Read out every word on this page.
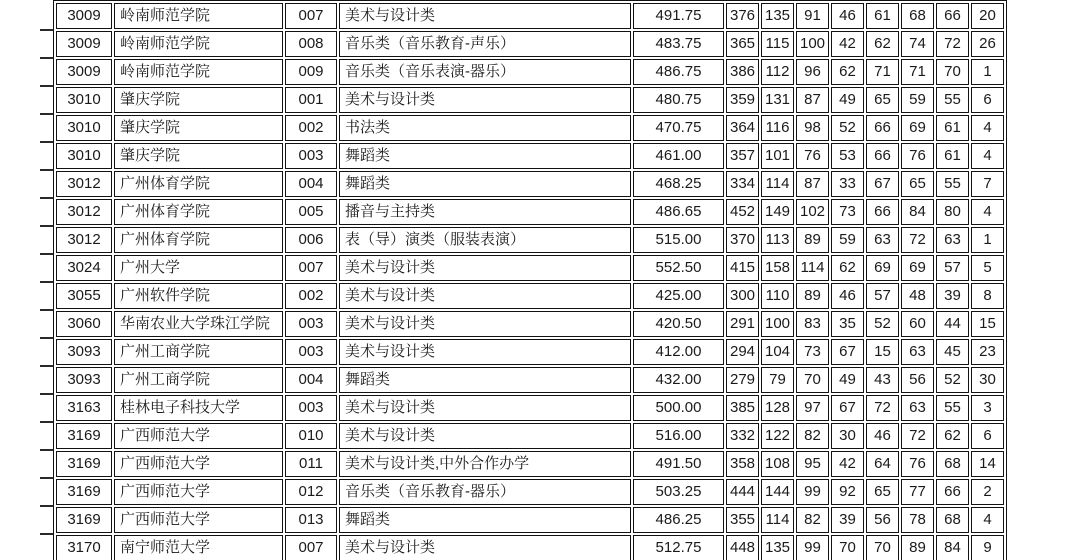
3009	岭南师范学院	007	美术与设计类	491.75	376	135	91	46	61	68	66	20
3009	岭南师范学院	008	音乐类（音乐教育-声乐）	483.75	365	115	100	42	62	74	72	26
3009	岭南师范学院	009	音乐类（音乐表演-器乐）	486.75	386	112	96	62	71	71	70	1
3010	肇庆学院	001	美术与设计类	480.75	359	131	87	49	65	59	55	6
3010	肇庆学院	002	书法类	470.75	364	116	98	52	66	69	61	4
3010	肇庆学院	003	舞蹈类	461.00	357	101	76	53	66	76	61	4
3012	广州体育学院	004	舞蹈类	468.25	334	114	87	33	67	65	55	7
3012	广州体育学院	005	播音与主持类	486.65	452	149	102	73	66	84	80	4
3012	广州体育学院	006	表（导）演类（服装表演）	515.00	370	113	89	59	63	72	63	1
3024	广州大学	007	美术与设计类	552.50	415	158	114	62	69	69	57	5
3055	广州软件学院	002	美术与设计类	425.00	300	110	89	46	57	48	39	8
3060	华南农业大学珠江学院	003	美术与设计类	420.50	291	100	83	35	52	60	44	15
3093	广州工商学院	003	美术与设计类	412.00	294	104	73	67	15	63	45	23
3093	广州工商学院	004	舞蹈类	432.00	279	79	70	49	43	56	52	30
3163	桂林电子科技大学	003	美术与设计类	500.00	385	128	97	67	72	63	55	3
3169	广西师范大学	010	美术与设计类	516.00	332	122	82	30	46	72	62	6
3169	广西师范大学	011	美术与设计类,中外合作办学	491.50	358	108	95	42	64	76	68	14
3169	广西师范大学	012	音乐类（音乐教育-器乐）	503.25	444	144	99	92	65	77	66	2
3169	广西师范大学	013	舞蹈类	486.25	355	114	82	39	56	78	68	4
3170	南宁师范大学	007	美术与设计类	512.75	448	135	99	70	70	89	84	9
